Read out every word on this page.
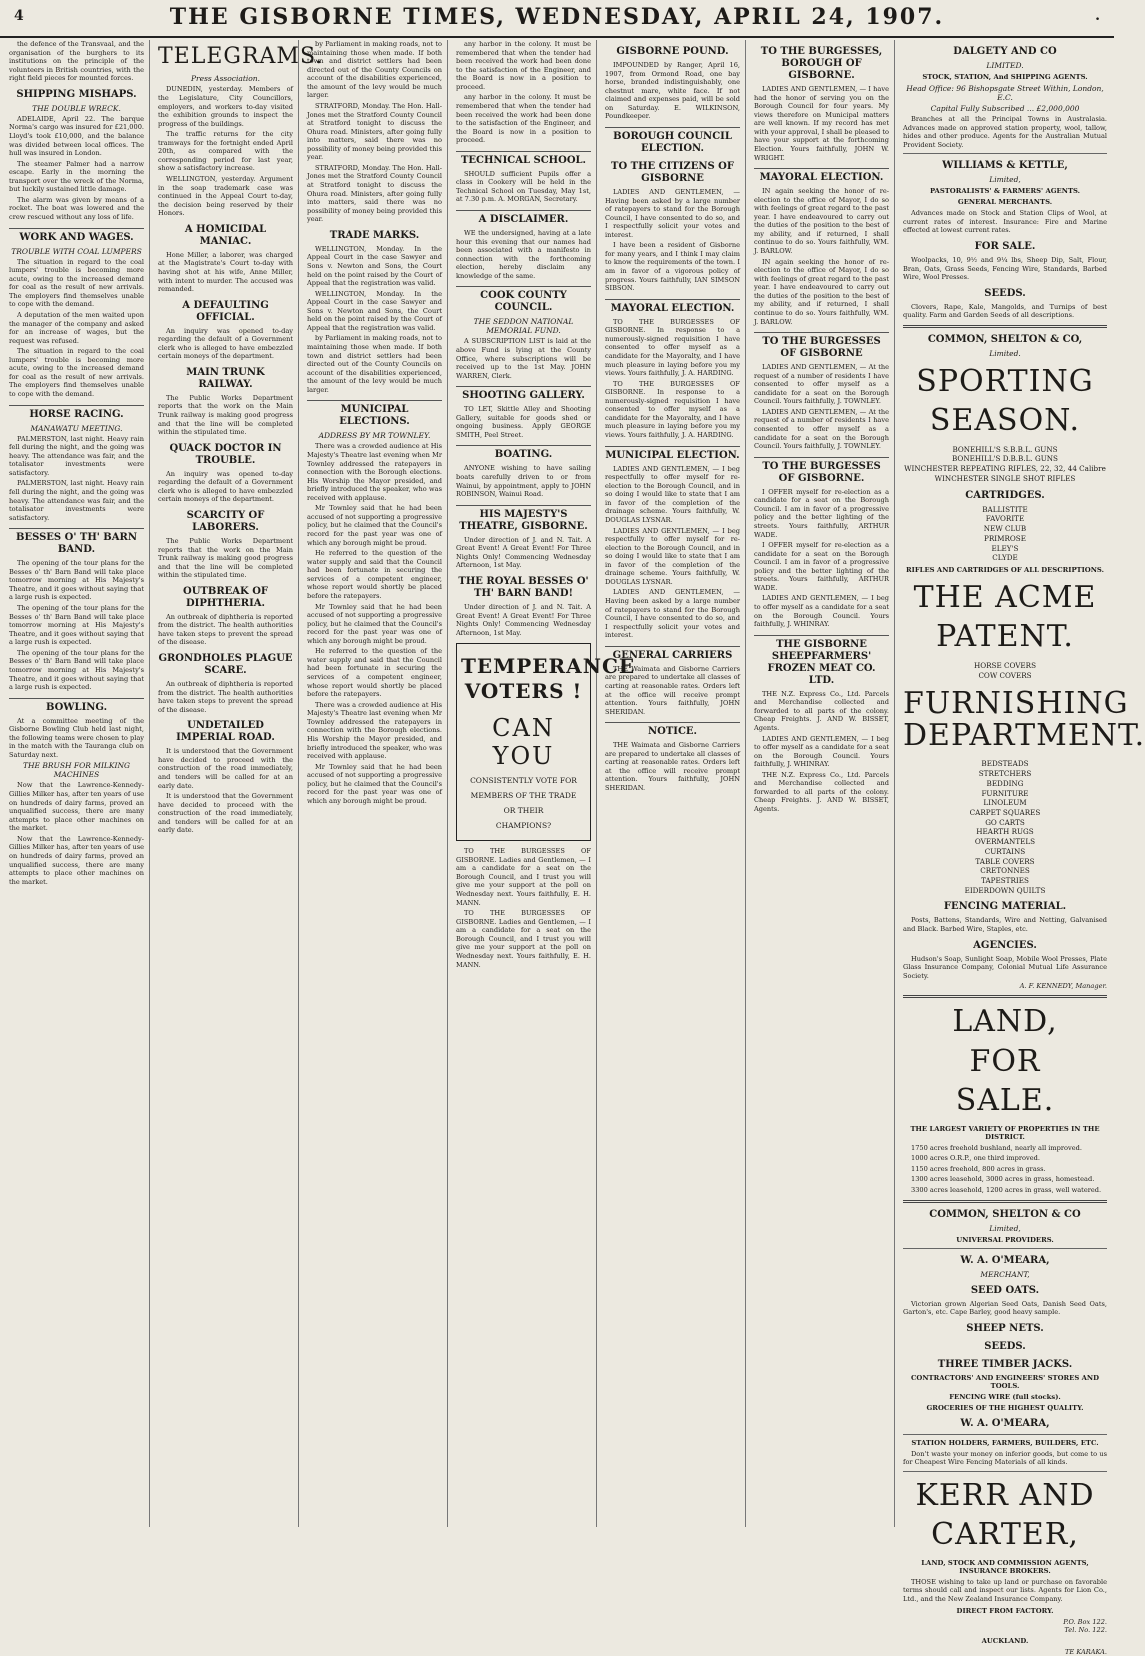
4	THE GISBORNE TIMES, WEDNESDAY, APRIL 24, 1907.	.

the defence of the Transvaal, and the organisation of the burghers to its institutions on the principle of the volunteers in British countries, with the right field pieces for mounted forces.

SHIPPING MISHAPS.
THE DOUBLE WRECK.

ADELAIDE, April 22. The barque Norma's cargo was insured for £21,000. Lloyd's took £10,000, and the balance was divided between local offices. The hull was insured in London.

The steamer Palmer had a narrow escape. Early in the morning the transport over the wreck of the Norma, but luckily sustained little damage.

The alarm was given by means of a rocket. The boat was lowered and the crew rescued without any loss of life.

WORK AND WAGES.
TROUBLE WITH COAL LUMPERS

The situation in regard to the coal lumpers' trouble is becoming more acute, owing to the increased demand for coal as the result of new arrivals. The employers find themselves unable to cope with the demand.

A deputation of the men waited upon the manager of the company and asked for an increase of wages, but the request was refused.

The situation in regard to the coal lumpers' trouble is becoming more acute, owing to the increased demand for coal as the result of new arrivals. The employers find themselves unable to cope with the demand.

HORSE RACING.
MANAWATU MEETING.

PALMERSTON, last night. Heavy rain fell during the night, and the going was heavy. The attendance was fair, and the totalisator investments were satisfactory.

PALMERSTON, last night. Heavy rain fell during the night, and the going was heavy. The attendance was fair, and the totalisator investments were satisfactory.

BESSES O' TH' BARN BAND.

The opening of the tour plans for the Besses o' th' Barn Band will take place tomorrow morning at His Majesty's Theatre, and it goes without saying that a large rush is expected.

The opening of the tour plans for the Besses o' th' Barn Band will take place tomorrow morning at His Majesty's Theatre, and it goes without saying that a large rush is expected.

The opening of the tour plans for the Besses o' th' Barn Band will take place tomorrow morning at His Majesty's Theatre, and it goes without saying that a large rush is expected.

BOWLING.

At a committee meeting of the Gisborne Bowling Club held last night, the following teams were chosen to play in the match with the Tauranga club on Saturday next.

THE BRUSH FOR MILKING MACHINES

Now that the Lawrence-Kennedy-Gillies Milker has, after ten years of use on hundreds of dairy farms, proved an unqualified success, there are many attempts to place other machines on the market.

Now that the Lawrence-Kennedy-Gillies Milker has, after ten years of use on hundreds of dairy farms, proved an unqualified success, there are many attempts to place other machines on the market.

TELEGRAMS.
Press Association.

DUNEDIN, yesterday. Members of the Legislature, City Councillors, employers, and workers to-day visited the exhibition grounds to inspect the progress of the buildings.

The traffic returns for the city tramways for the fortnight ended April 20th, as compared with the corresponding period for last year, show a satisfactory increase.

WELLINGTON, yesterday. Argument in the soap trademark case was continued in the Appeal Court to-day, the decision being reserved by their Honors.

A HOMICIDAL MANIAC.

Hone Miller, a laborer, was charged at the Magistrate's Court to-day with having shot at his wife, Anne Miller, with intent to murder. The accused was remanded.

A DEFAULTING OFFICIAL.

An inquiry was opened to-day regarding the default of a Government clerk who is alleged to have embezzled certain moneys of the department.

MAIN TRUNK RAILWAY.

The Public Works Department reports that the work on the Main Trunk railway is making good progress and that the line will be completed within the stipulated time.

QUACK DOCTOR IN TROUBLE.

An inquiry was opened to-day regarding the default of a Government clerk who is alleged to have embezzled certain moneys of the department.

SCARCITY OF LABORERS.

The Public Works Department reports that the work on the Main Trunk railway is making good progress and that the line will be completed within the stipulated time.

OUTBREAK OF DIPHTHERIA.

An outbreak of diphtheria is reported from the district. The health authorities have taken steps to prevent the spread of the disease.

GRONDHOLES PLAGUE SCARE.

An outbreak of diphtheria is reported from the district. The health authorities have taken steps to prevent the spread of the disease.

UNDETAILED IMPERIAL ROAD.

It is understood that the Government have decided to proceed with the construction of the road immediately, and tenders will be called for at an early date.

It is understood that the Government have decided to proceed with the construction of the road immediately, and tenders will be called for at an early date.

by Parliament in making roads, not to maintaining those when made. If both town and district settlers had been directed out of the County Councils on account of the disabilities experienced, the amount of the levy would be much larger.

STRATFORD, Monday. The Hon. Hall-Jones met the Stratford County Council at Stratford tonight to discuss the Ohura road. Ministers, after going fully into matters, said there was no possibility of money being provided this year.

STRATFORD, Monday. The Hon. Hall-Jones met the Stratford County Council at Stratford tonight to discuss the Ohura road. Ministers, after going fully into matters, said there was no possibility of money being provided this year.

TRADE MARKS.

WELLINGTON, Monday. In the Appeal Court in the case Sawyer and Sons v. Newton and Sons, the Court held on the point raised by the Court of Appeal that the registration was valid.

WELLINGTON, Monday. In the Appeal Court in the case Sawyer and Sons v. Newton and Sons, the Court held on the point raised by the Court of Appeal that the registration was valid.

by Parliament in making roads, not to maintaining those when made. If both town and district settlers had been directed out of the County Councils on account of the disabilities experienced, the amount of the levy would be much larger.

MUNICIPAL ELECTIONS.
ADDRESS BY MR TOWNLEY.

There was a crowded audience at His Majesty's Theatre last evening when Mr Townley addressed the ratepayers in connection with the Borough elections. His Worship the Mayor presided, and briefly introduced the speaker, who was received with applause.

Mr Townley said that he had been accused of not supporting a progressive policy, but he claimed that the Council's record for the past year was one of which any borough might be proud.

He referred to the question of the water supply and said that the Council had been fortunate in securing the services of a competent engineer, whose report would shortly be placed before the ratepayers.

Mr Townley said that he had been accused of not supporting a progressive policy, but he claimed that the Council's record for the past year was one of which any borough might be proud.

He referred to the question of the water supply and said that the Council had been fortunate in securing the services of a competent engineer, whose report would shortly be placed before the ratepayers.

There was a crowded audience at His Majesty's Theatre last evening when Mr Townley addressed the ratepayers in connection with the Borough elections. His Worship the Mayor presided, and briefly introduced the speaker, who was received with applause.

Mr Townley said that he had been accused of not supporting a progressive policy, but he claimed that the Council's record for the past year was one of which any borough might be proud.

any harbor in the colony. It must be remembered that when the tender had been received the work had been done to the satisfaction of the Engineer, and the Board is now in a position to proceed.

any harbor in the colony. It must be remembered that when the tender had been received the work had been done to the satisfaction of the Engineer, and the Board is now in a position to proceed.

TECHNICAL SCHOOL.

SHOULD sufficient Pupils offer a class in Cookery will be held in the Technical School on Tuesday, May 1st, at 7.30 p.m. A. MORGAN, Secretary.

A DISCLAIMER.

WE the undersigned, having at a late hour this evening that our names had been associated with a manifesto in connection with the forthcoming election, hereby disclaim any knowledge of the same.

COOK COUNTY COUNCIL.
THE SEDDON NATIONAL MEMORIAL FUND.

A SUBSCRIPTION LIST is laid at the above Fund is lying at the County Office, where subscriptions will be received up to the 1st May. JOHN WARREN, Clerk.

SHOOTING GALLERY.

TO LET, Skittle Alley and Shooting Gallery, suitable for goods shed or ongoing business. Apply GEORGE SMITH, Peel Street.

BOATING.

ANYONE wishing to have sailing boats carefully driven to or from Wainui, by appointment, apply to JOHN ROBINSON, Wainui Road.

HIS MAJESTY'S THEATRE, GISBORNE.

Under direction of J. and N. Tait. A Great Event! A Great Event! For Three Nights Only! Commencing Wednesday Afternoon, 1st May.

THE ROYAL BESSES O' TH' BARN BAND!

Under direction of J. and N. Tait. A Great Event! A Great Event! For Three Nights Only! Commencing Wednesday Afternoon, 1st May.

TEMPERANCE
VOTERS !
CAN YOU
CONSISTENTLY VOTE FOR
MEMBERS OF THE TRADE
OR THEIR
CHAMPIONS?

TO THE BURGESSES OF GISBORNE. Ladies and Gentlemen, — I am a candidate for a seat on the Borough Council, and I trust you will give me your support at the poll on Wednesday next. Yours faithfully, E. H. MANN.

TO THE BURGESSES OF GISBORNE. Ladies and Gentlemen, — I am a candidate for a seat on the Borough Council, and I trust you will give me your support at the poll on Wednesday next. Yours faithfully, E. H. MANN.

GISBORNE POUND.

IMPOUNDED by Ranger, April 16, 1907, from Ormond Road, one bay horse, branded indistinguishably, one chestnut mare, white face. If not claimed and expenses paid, will be sold on Saturday. E. WILKINSON, Poundkeeper.

BOROUGH COUNCIL ELECTION.
TO THE CITIZENS OF GISBORNE

LADIES AND GENTLEMEN, — Having been asked by a large number of ratepayers to stand for the Borough Council, I have consented to do so, and I respectfully solicit your votes and interest.

I have been a resident of Gisborne for many years, and I think I may claim to know the requirements of the town. I am in favor of a vigorous policy of progress. Yours faithfully, IAN SIMSON SIBSON.

MAYORAL ELECTION.

TO THE BURGESSES OF GISBORNE. In response to a numerously-signed requisition I have consented to offer myself as a candidate for the Mayoralty, and I have much pleasure in laying before you my views. Yours faithfully, J. A. HARDING.

TO THE BURGESSES OF GISBORNE. In response to a numerously-signed requisition I have consented to offer myself as a candidate for the Mayoralty, and I have much pleasure in laying before you my views. Yours faithfully, J. A. HARDING.

MUNICIPAL ELECTION.

LADIES AND GENTLEMEN, — I beg respectfully to offer myself for re-election to the Borough Council, and in so doing I would like to state that I am in favor of the completion of the drainage scheme. Yours faithfully, W. DOUGLAS LYSNAR.

LADIES AND GENTLEMEN, — I beg respectfully to offer myself for re-election to the Borough Council, and in so doing I would like to state that I am in favor of the completion of the drainage scheme. Yours faithfully, W. DOUGLAS LYSNAR.

LADIES AND GENTLEMEN, — Having been asked by a large number of ratepayers to stand for the Borough Council, I have consented to do so, and I respectfully solicit your votes and interest.

GENERAL CARRIERS

THE Waimata and Gisborne Carriers are prepared to undertake all classes of carting at reasonable rates. Orders left at the office will receive prompt attention. Yours faithfully, JOHN SHERIDAN.

NOTICE.

THE Waimata and Gisborne Carriers are prepared to undertake all classes of carting at reasonable rates. Orders left at the office will receive prompt attention. Yours faithfully, JOHN SHERIDAN.

TO THE BURGESSES, BOROUGH OF GISBORNE.

LADIES AND GENTLEMEN, — I have had the honor of serving you on the Borough Council for four years. My views therefore on Municipal matters are well known. If my record has met with your approval, I shall be pleased to have your support at the forthcoming Election. Yours faithfully, JOHN W. WRIGHT.

MAYORAL ELECTION.

IN again seeking the honor of re-election to the office of Mayor, I do so with feelings of great regard to the past year. I have endeavoured to carry out the duties of the position to the best of my ability, and if returned, I shall continue to do so. Yours faithfully, WM. J. BARLOW.

IN again seeking the honor of re-election to the office of Mayor, I do so with feelings of great regard to the past year. I have endeavoured to carry out the duties of the position to the best of my ability, and if returned, I shall continue to do so. Yours faithfully, WM. J. BARLOW.

TO THE BURGESSES OF GISBORNE

LADIES AND GENTLEMEN, — At the request of a number of residents I have consented to offer myself as a candidate for a seat on the Borough Council. Yours faithfully, J. TOWNLEY.

LADIES AND GENTLEMEN, — At the request of a number of residents I have consented to offer myself as a candidate for a seat on the Borough Council. Yours faithfully, J. TOWNLEY.

TO THE BURGESSES OF GISBORNE.

I OFFER myself for re-election as a candidate for a seat on the Borough Council. I am in favor of a progressive policy and the better lighting of the streets. Yours faithfully, ARTHUR WADE.

I OFFER myself for re-election as a candidate for a seat on the Borough Council. I am in favor of a progressive policy and the better lighting of the streets. Yours faithfully, ARTHUR WADE.

LADIES AND GENTLEMEN, — I beg to offer myself as a candidate for a seat on the Borough Council. Yours faithfully, J. WHINRAY.

THE GISBORNE SHEEPFARMERS' FROZEN MEAT CO. LTD.

THE N.Z. Express Co., Ltd. Parcels and Merchandise collected and forwarded to all parts of the colony. Cheap Freights. J. AND W. BISSET, Agents.

LADIES AND GENTLEMEN, — I beg to offer myself as a candidate for a seat on the Borough Council. Yours faithfully, J. WHINRAY.

THE N.Z. Express Co., Ltd. Parcels and Merchandise collected and forwarded to all parts of the colony. Cheap Freights. J. AND W. BISSET, Agents.

DALGETY AND CO
LIMITED.
STOCK, STATION, And SHIPPING AGENTS.
Head Office: 96 Bishopsgate Street Within, London, E.C.
Capital Fully Subscribed ... £2,000,000

Branches at all the Principal Towns in Australasia. Advances made on approved station property, wool, tallow, hides and other produce. Agents for the Australian Mutual Provident Society.

WILLIAMS & KETTLE,
Limited,
PASTORALISTS' & FARMERS' AGENTS.
GENERAL MERCHANTS.

Advances made on Stock and Station Clips of Wool, at current rates of interest. Insurance: Fire and Marine effected at lowest current rates.

FOR SALE.

Woolpacks, 10, 9½ and 9¼ lbs, Sheep Dip, Salt, Flour, Bran, Oats, Grass Seeds, Fencing Wire, Standards, Barbed Wire, Wool Presses.

SEEDS.

Clovers, Rape, Kale, Mangolds, and Turnips of best quality. Farm and Garden Seeds of all descriptions.

COMMON, SHELTON & CO,
Limited.
SPORTING
SEASON.
BONEHILL'S S.B.B.L. GUNS
BONEHILL'S D.B.B.L. GUNS
WINCHESTER REPEATING RIFLES, 22, 32, 44 Calibre
WINCHESTER SINGLE SHOT RIFLES
CARTRIDGES.
BALLISTITE
FAVORITE
NEW CLUB
PRIMROSE
ELEY'S
CLYDE
RIFLES AND CARTRIDGES OF ALL DESCRIPTIONS.
THE ACME
PATENT.
HORSE COVERS
COW COVERS
FURNISHING DEPARTMENT.
BEDSTEADS
STRETCHERS
BEDDING
FURNITURE
LINOLEUM
CARPET SQUARES
GO CARTS
HEARTH RUGS
OVERMANTELS
CURTAINS
TABLE COVERS
CRETONNES
TAPESTRIES
EIDERDOWN QUILTS
FENCING MATERIAL.

Posts, Battens, Standards, Wire and Netting, Galvanised and Black. Barbed Wire, Staples, etc.

AGENCIES.

Hudson's Soap, Sunlight Soap, Mobile Wool Presses, Plate Glass Insurance Company, Colonial Mutual Life Assurance Society.

A. F. KENNEDY, Manager.
LAND,
FOR
SALE.
THE LARGEST VARIETY OF PROPERTIES IN THE DISTRICT.

1750 acres freehold bushland, nearly all improved.

1000 acres O.R.P., one third improved.

1150 acres freehold, 800 acres in grass.

1300 acres leasehold, 3000 acres in grass, homestead.

3300 acres leasehold, 1200 acres in grass, well watered.

COMMON, SHELTON & CO
Limited,
UNIVERSAL PROVIDERS.
W. A. O'MEARA,
MERCHANT,
SEED OATS.

Victorian grown Algerian Seed Oats, Danish Seed Oats, Garton's, etc. Cape Barley, good heavy sample.

SHEEP NETS.
SEEDS.
THREE TIMBER JACKS.
CONTRACTORS' AND ENGINEERS' STORES AND TOOLS.
FENCING WIRE (full stocks).
GROCERIES OF THE HIGHEST QUALITY.
W. A. O'MEARA,
STATION HOLDERS, FARMERS, BUILDERS, ETC.

Don't waste your money on inferior goods, but come to us for Cheapest Wire Fencing Materials of all kinds.

KERR AND
CARTER,
LAND, STOCK AND COMMISSION AGENTS, INSURANCE BROKERS.

THOSE wishing to take up land or purchase on favorable terms should call and inspect our lists. Agents for Lion Co., Ltd., and the New Zealand Insurance Company.

DIRECT FROM FACTORY.
P.O. Box 122.
Tel. No. 122.
AUCKLAND.
TE KARAKA.
